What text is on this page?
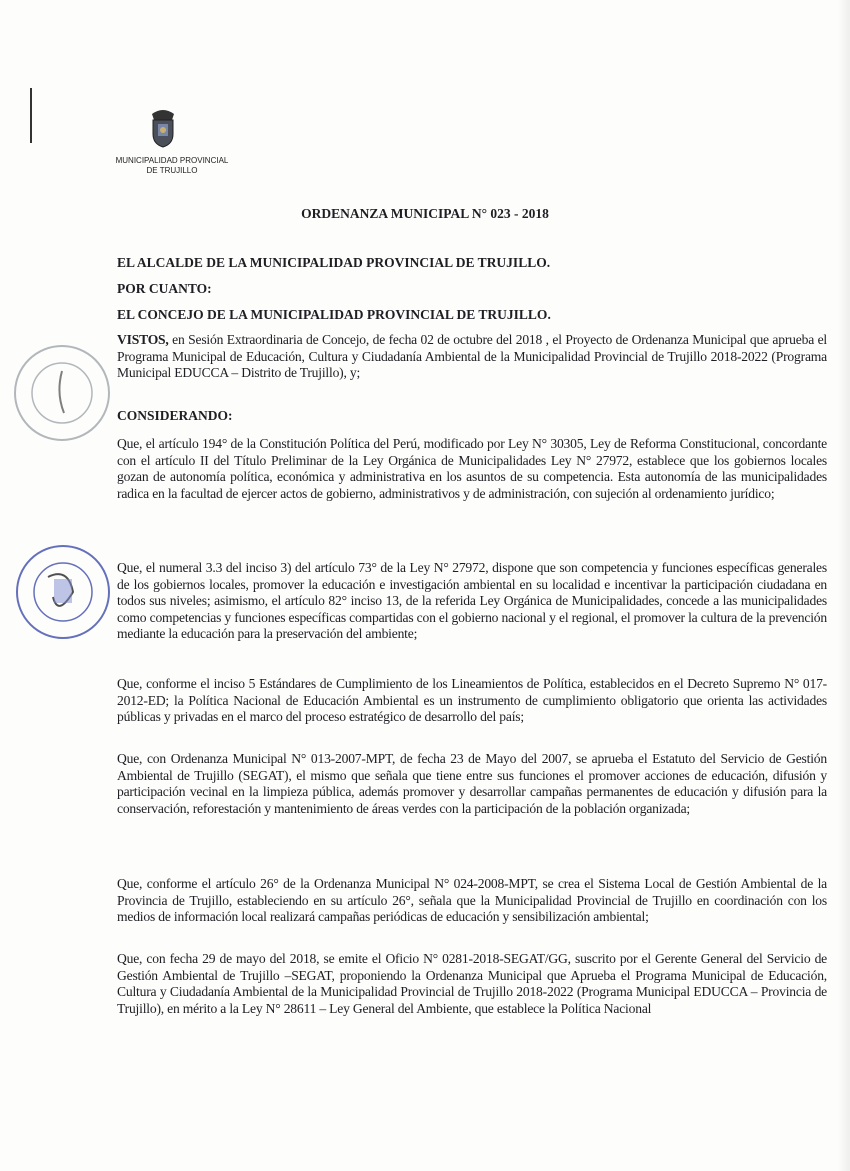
MUNICIPALIDAD PROVINCIAL
DE TRUJILLO
ORDENANZA MUNICIPAL N° 023 - 2018
EL ALCALDE DE LA MUNICIPALIDAD PROVINCIAL DE TRUJILLO.
POR CUANTO:
EL CONCEJO DE LA MUNICIPALIDAD PROVINCIAL DE TRUJILLO.
VISTOS, en Sesión Extraordinaria de Concejo, de fecha 02 de octubre del 2018 , el Proyecto de Ordenanza Municipal que aprueba el Programa Municipal de Educación, Cultura y Ciudadanía Ambiental de la Municipalidad Provincial de Trujillo 2018-2022 (Programa Municipal EDUCCA – Distrito de Trujillo), y;
CONSIDERANDO:
Que, el artículo 194° de la Constitución Política del Perú, modificado por Ley N° 30305, Ley de Reforma Constitucional, concordante con el artículo II del Título Preliminar de la Ley Orgánica de Municipalidades Ley N° 27972, establece que los gobiernos locales gozan de autonomía política, económica y administrativa en los asuntos de su competencia. Esta autonomía de las municipalidades radica en la facultad de ejercer actos de gobierno, administrativos y de administración, con sujeción al ordenamiento jurídico;
Que, el numeral 3.3 del inciso 3) del artículo 73° de la Ley N° 27972, dispone que son competencia y funciones específicas generales de los gobiernos locales, promover la educación e investigación ambiental en su localidad e incentivar la participación ciudadana en todos sus niveles; asimismo, el artículo 82° inciso 13, de la referida Ley Orgánica de Municipalidades, concede a las municipalidades como competencias y funciones específicas compartidas con el gobierno nacional y el regional, el promover la cultura de la prevención mediante la educación para la preservación del ambiente;
Que, conforme el inciso 5 Estándares de Cumplimiento de los Lineamientos de Política, establecidos en el Decreto Supremo N° 017-2012-ED; la Política Nacional de Educación Ambiental es un instrumento de cumplimiento obligatorio que orienta las actividades públicas y privadas en el marco del proceso estratégico de desarrollo del país;
Que, con Ordenanza Municipal N° 013-2007-MPT, de fecha 23 de Mayo del 2007, se aprueba el Estatuto del Servicio de Gestión Ambiental de Trujillo (SEGAT), el mismo que señala que tiene entre sus funciones el promover acciones de educación, difusión y participación vecinal en la limpieza pública, además promover y desarrollar campañas permanentes de educación y difusión para la conservación, reforestación y mantenimiento de áreas verdes con la participación de la población organizada;
Que, conforme el artículo 26° de la Ordenanza Municipal N° 024-2008-MPT, se crea el Sistema Local de Gestión Ambiental de la Provincia de Trujillo, estableciendo en su artículo 26°, señala que la Municipalidad Provincial de Trujillo en coordinación con los medios de información local realizará campañas periódicas de educación y sensibilización ambiental;
Que, con fecha 29 de mayo del 2018, se emite el Oficio N° 0281-2018-SEGAT/GG, suscrito por el Gerente General del Servicio de Gestión Ambiental de Trujillo –SEGAT, proponiendo la Ordenanza Municipal que Aprueba el Programa Municipal de Educación, Cultura y Ciudadanía Ambiental de la Municipalidad Provincial de Trujillo 2018-2022 (Programa Municipal EDUCCA – Provincia de Trujillo), en mérito a la Ley N° 28611 – Ley General del Ambiente, que establece la Política Nacional
